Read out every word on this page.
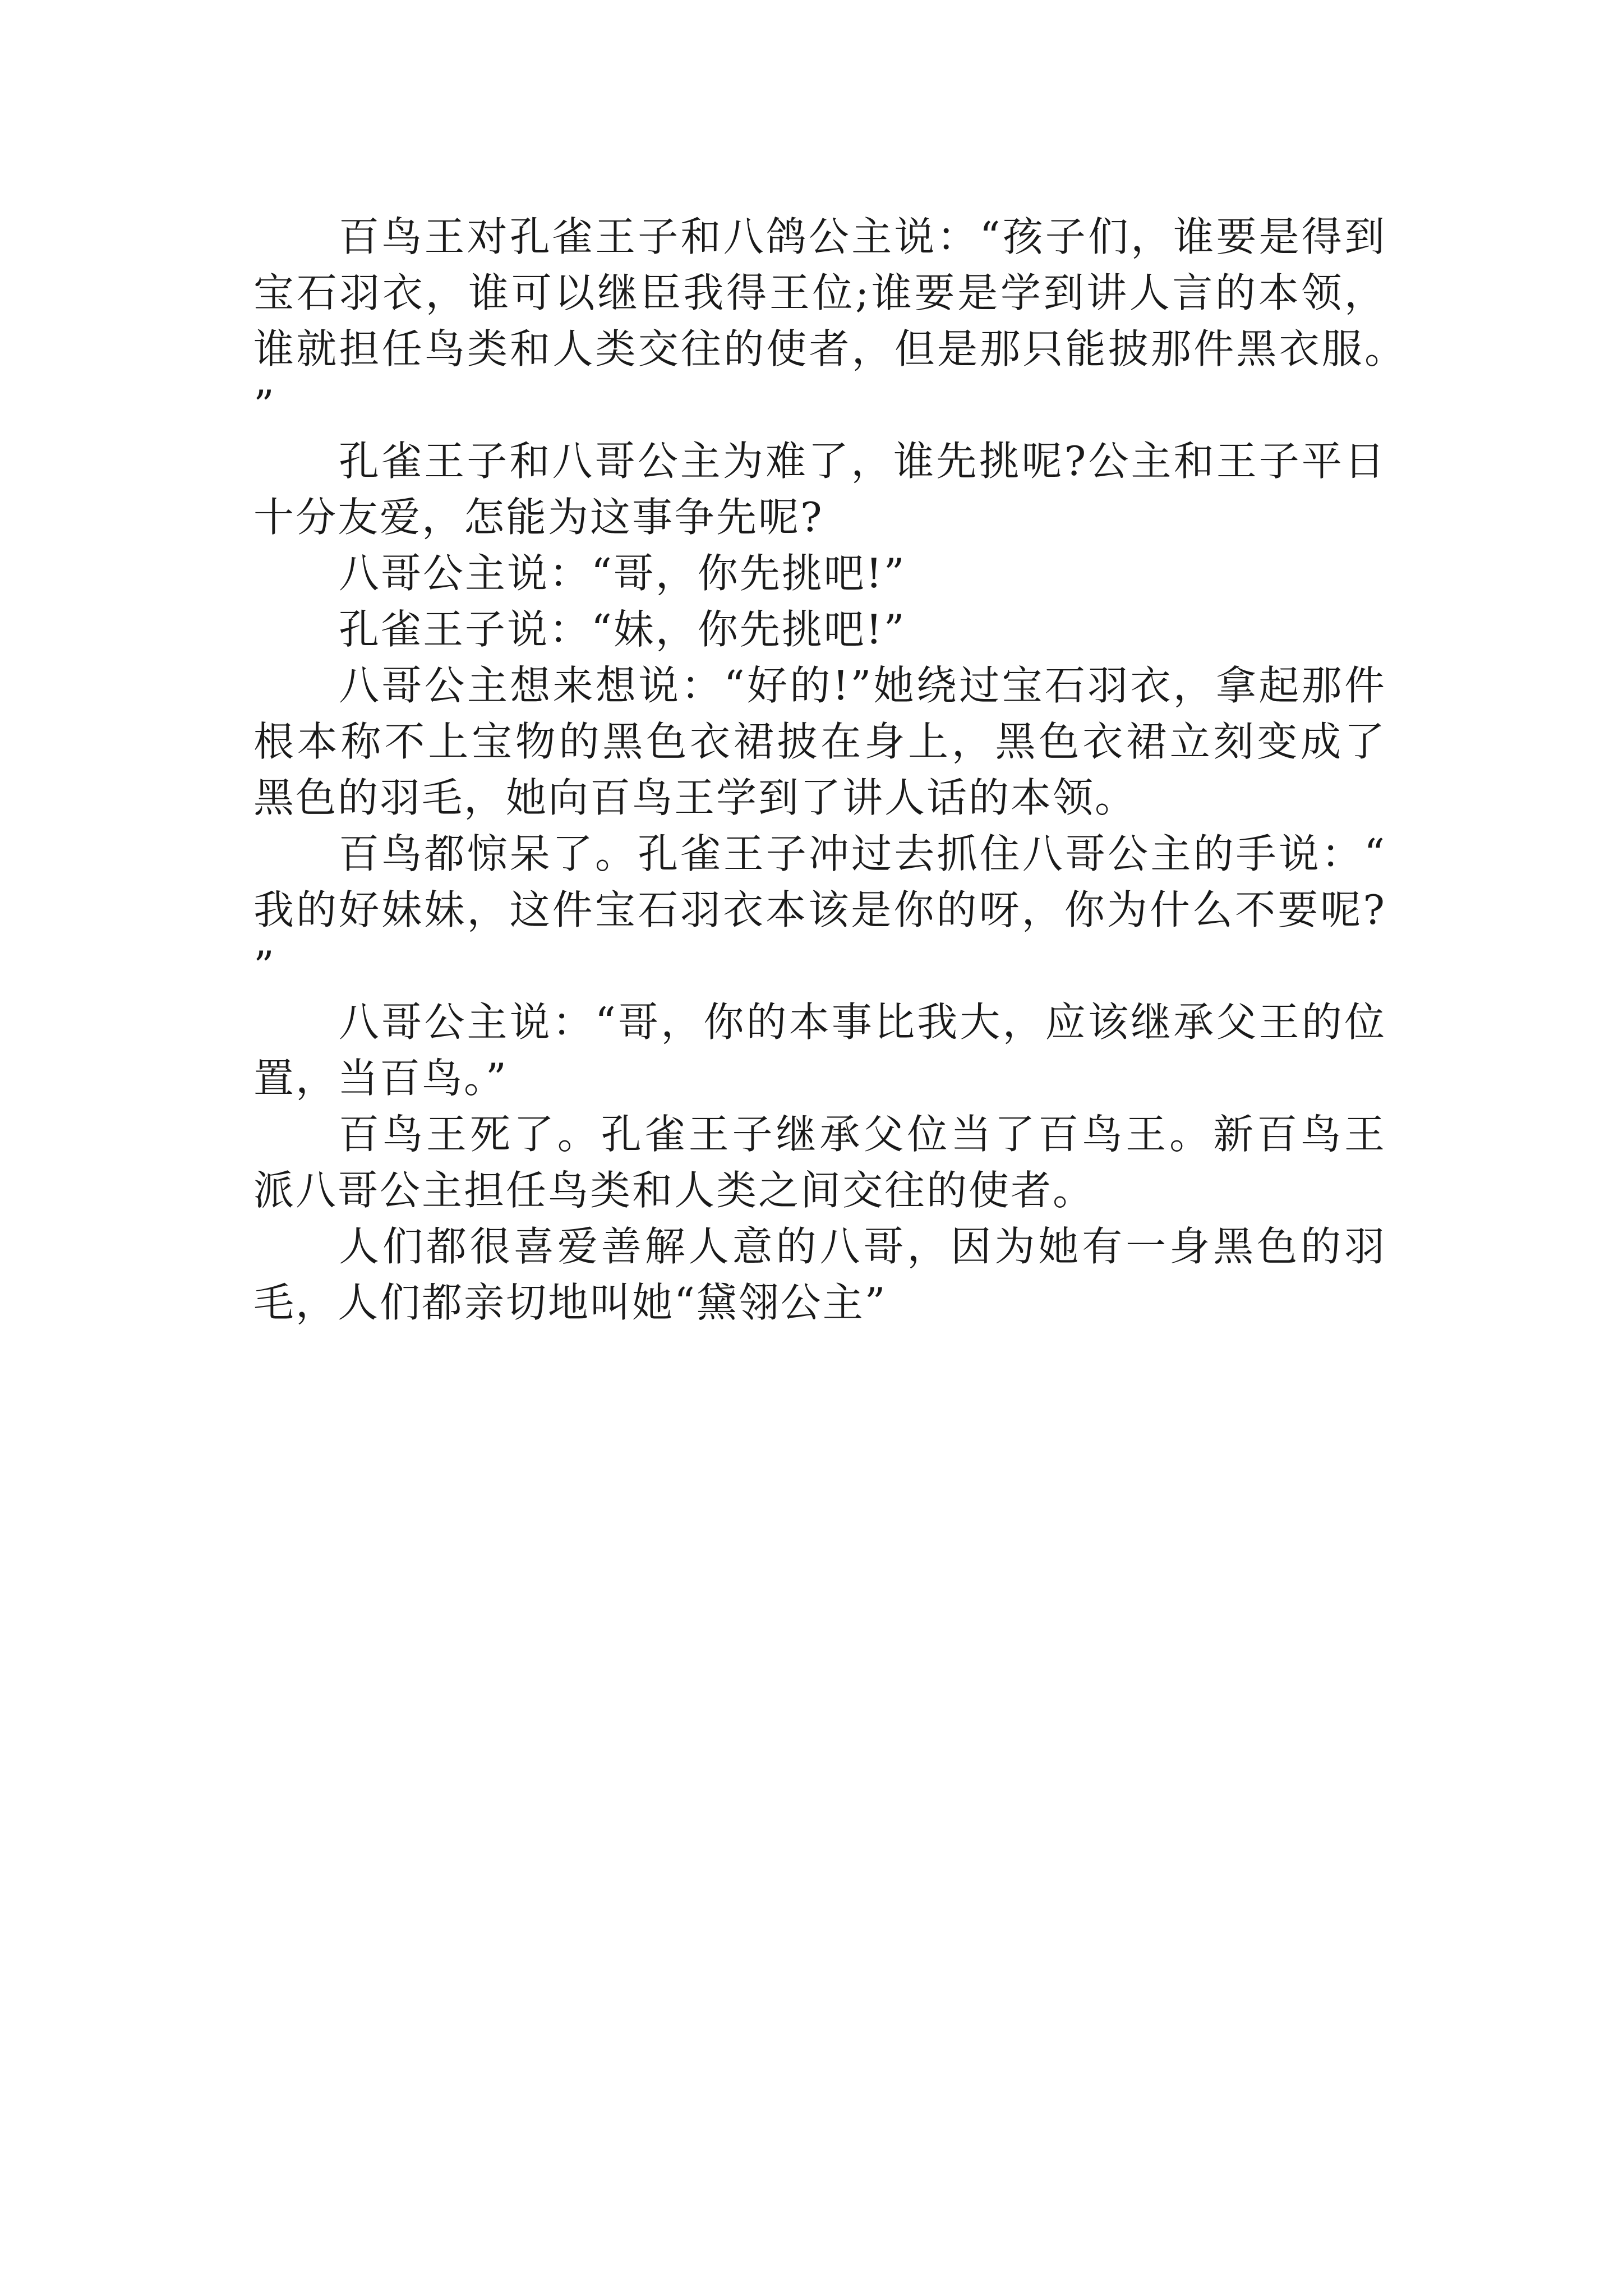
百鸟王对孔雀王子和八鸽公主说：“孩子们，谁要是得到宝石羽衣，谁可以继臣我得王位;谁要是学到讲人言的本领，谁就担任鸟类和人类交往的使者，但是那只能披那件黑衣服。”

孔雀王子和八哥公主为难了，谁先挑呢?公主和王子平日十分友爱，怎能为这事争先呢?

八哥公主说：“哥，你先挑吧!”

孔雀王子说：“妹，你先挑吧!”

八哥公主想来想说：“好的!”她绕过宝石羽衣，拿起那件根本称不上宝物的黑色衣裙披在身上，黑色衣裙立刻变成了黑色的羽毛，她向百鸟王学到了讲人话的本领。

百鸟都惊呆了。孔雀王子冲过去抓住八哥公主的手说：“我的好妹妹，这件宝石羽衣本该是你的呀，你为什么不要呢?”

八哥公主说：“哥，你的本事比我大，应该继承父王的位置，当百鸟。”

百鸟王死了。孔雀王子继承父位当了百鸟王。新百鸟王派八哥公主担任鸟类和人类之间交往的使者。

人们都很喜爱善解人意的八哥，因为她有一身黑色的羽毛，人们都亲切地叫她“黛翎公主”
